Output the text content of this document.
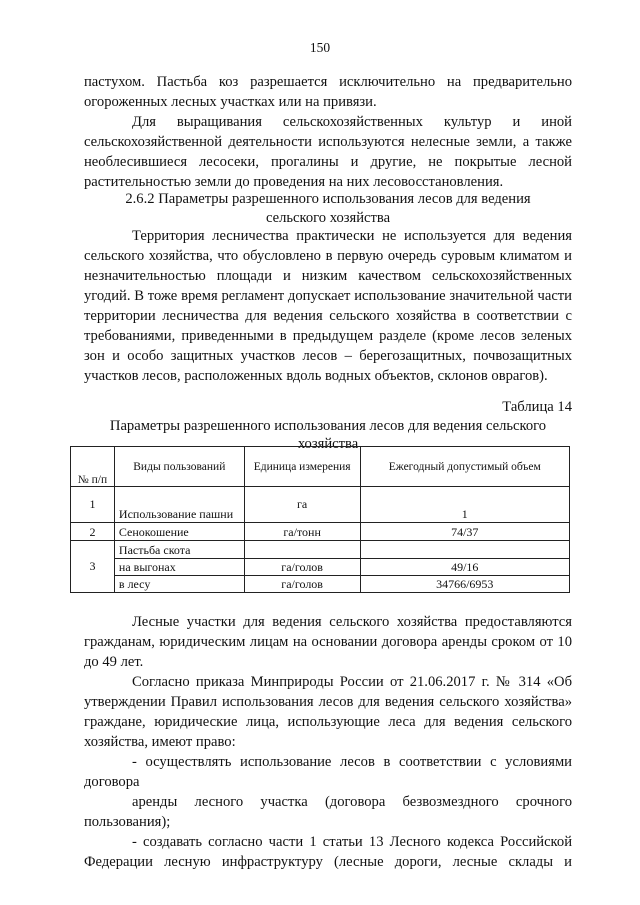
150

пастухом. Пастьба коз разрешается исключительно на предварительно

огороженных лесных участках или на привязи.

Для выращивания сельскохозяйственных культур и иной сельскохозяйственной деятельности используются нелесные земли, а также необлесившиеся лесосеки, прогалины и другие, не покрытые лесной растительностью земли до проведения на них лесовосстановления.

2.6.2 Параметры разрешенного использования лесов для ведения

сельского хозяйства

Территория лесничества практически не используется для ведения сельского хозяйства, что обусловлено в первую очередь суровым климатом и незначительностью площади и низким качеством сельскохозяйственных угодий. В тоже время регламент допускает использование значительной части территории лесничества для ведения сельского хозяйства в соответствии с требованиями, приведенными в предыдущем разделе (кроме лесов зеленых зон и особо защитных участков лесов – берегозащитных, почвозащитных участков лесов, расположенных вдоль водных объектов, склонов оврагов).

Таблица 14

Параметры разрешенного использования лесов для ведения сельского

хозяйства

№ п/п	Виды пользований	Единица измерения	Ежегодный допустимый объем
1	Использование пашни	га	1
2	Сенокошение	га/тонн	74/37
3	Пастьба скота		
	на выгонах	га/голов	49/16
	в лесу	га/голов	34766/6953

Лесные участки для ведения сельского хозяйства предоставляются гражданам, юридическим лицам на основании договора аренды сроком от 10 до 49 лет.

Согласно приказа Минприроды России от 21.06.2017 г. № 314 «Об утверждении Правил использования лесов для ведения сельского хозяйства» граждане, юридические лица, использующие леса для ведения сельского хозяйства, имеют право:

- осуществлять использование лесов в соответствии с условиями

договора

аренды лесного участка (договора безвозмездного срочного пользования);

- создавать согласно части 1 статьи 13 Лесного кодекса Российской Федерации лесную инфраструктуру (лесные дороги, лесные склады и
